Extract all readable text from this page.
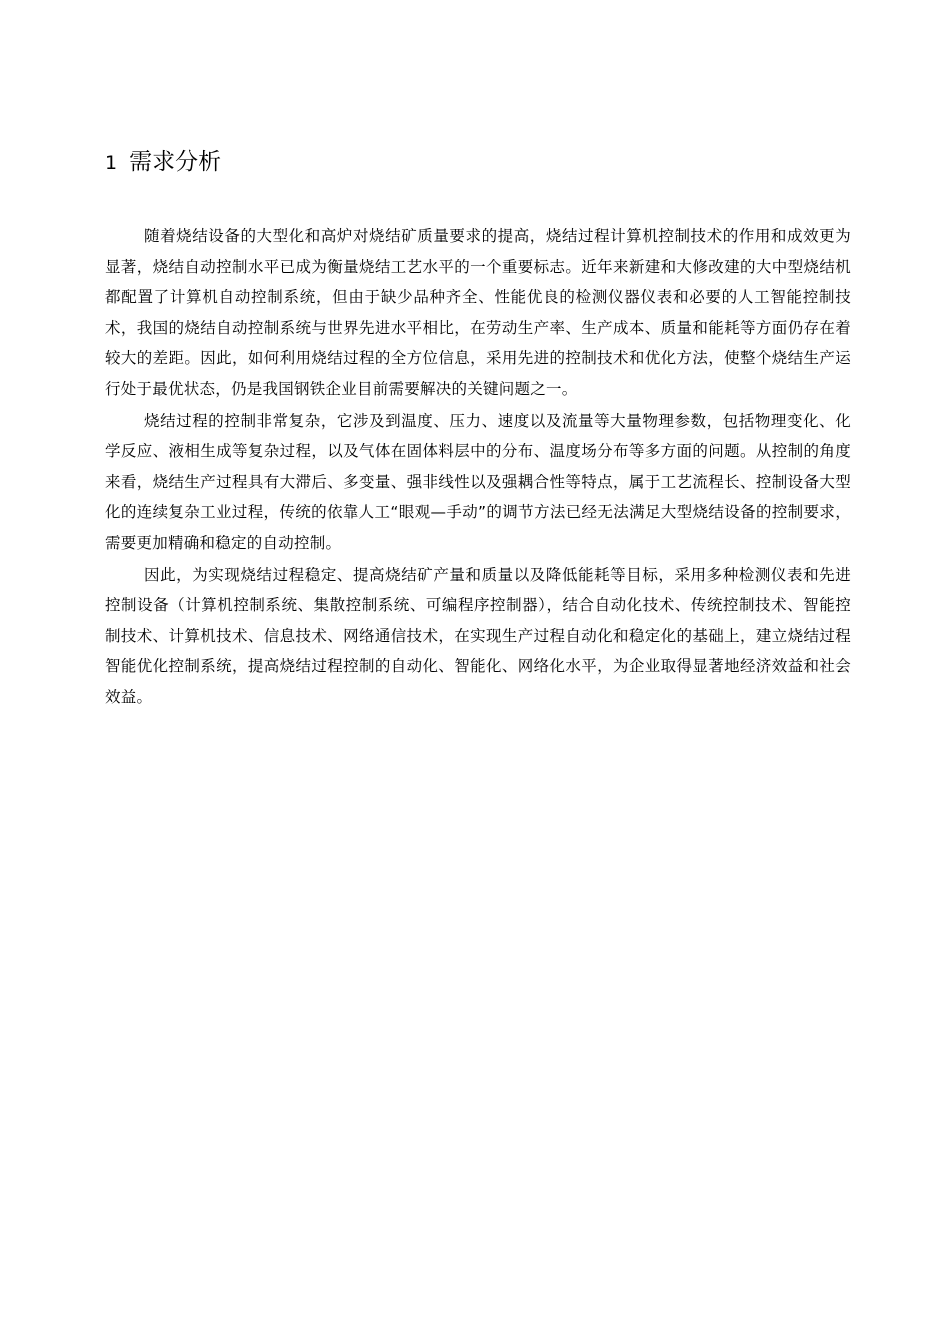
1 需求分析

随着烧结设备的大型化和高炉对烧结矿质量要求的提高，烧结过程计算机控制技术的作用和成效更为显著，烧结自动控制水平已成为衡量烧结工艺水平的一个重要标志。近年来新建和大修改建的大中型烧结机都配置了计算机自动控制系统，但由于缺少品种齐全、性能优良的检测仪器仪表和必要的人工智能控制技术，我国的烧结自动控制系统与世界先进水平相比，在劳动生产率、生产成本、质量和能耗等方面仍存在着较大的差距。因此，如何利用烧结过程的全方位信息，采用先进的控制技术和优化方法，使整个烧结生产运行处于最优状态，仍是我国钢铁企业目前需要解决的关键问题之一。

烧结过程的控制非常复杂，它涉及到温度、压力、速度以及流量等大量物理参数，包括物理变化、化学反应、液相生成等复杂过程，以及气体在固体料层中的分布、温度场分布等多方面的问题。从控制的角度来看，烧结生产过程具有大滞后、多变量、强非线性以及强耦合性等特点，属于工艺流程长、控制设备大型化的连续复杂工业过程，传统的依靠人工“眼观—手动”的调节方法已经无法满足大型烧结设备的控制要求，需要更加精确和稳定的自动控制。

因此，为实现烧结过程稳定、提高烧结矿产量和质量以及降低能耗等目标，采用多种检测仪表和先进控制设备（计算机控制系统、集散控制系统、可编程序控制器），结合自动化技术、传统控制技术、智能控制技术、计算机技术、信息技术、网络通信技术，在实现生产过程自动化和稳定化的基础上，建立烧结过程智能优化控制系统，提高烧结过程控制的自动化、智能化、网络化水平，为企业取得显著地经济效益和社会效益。
